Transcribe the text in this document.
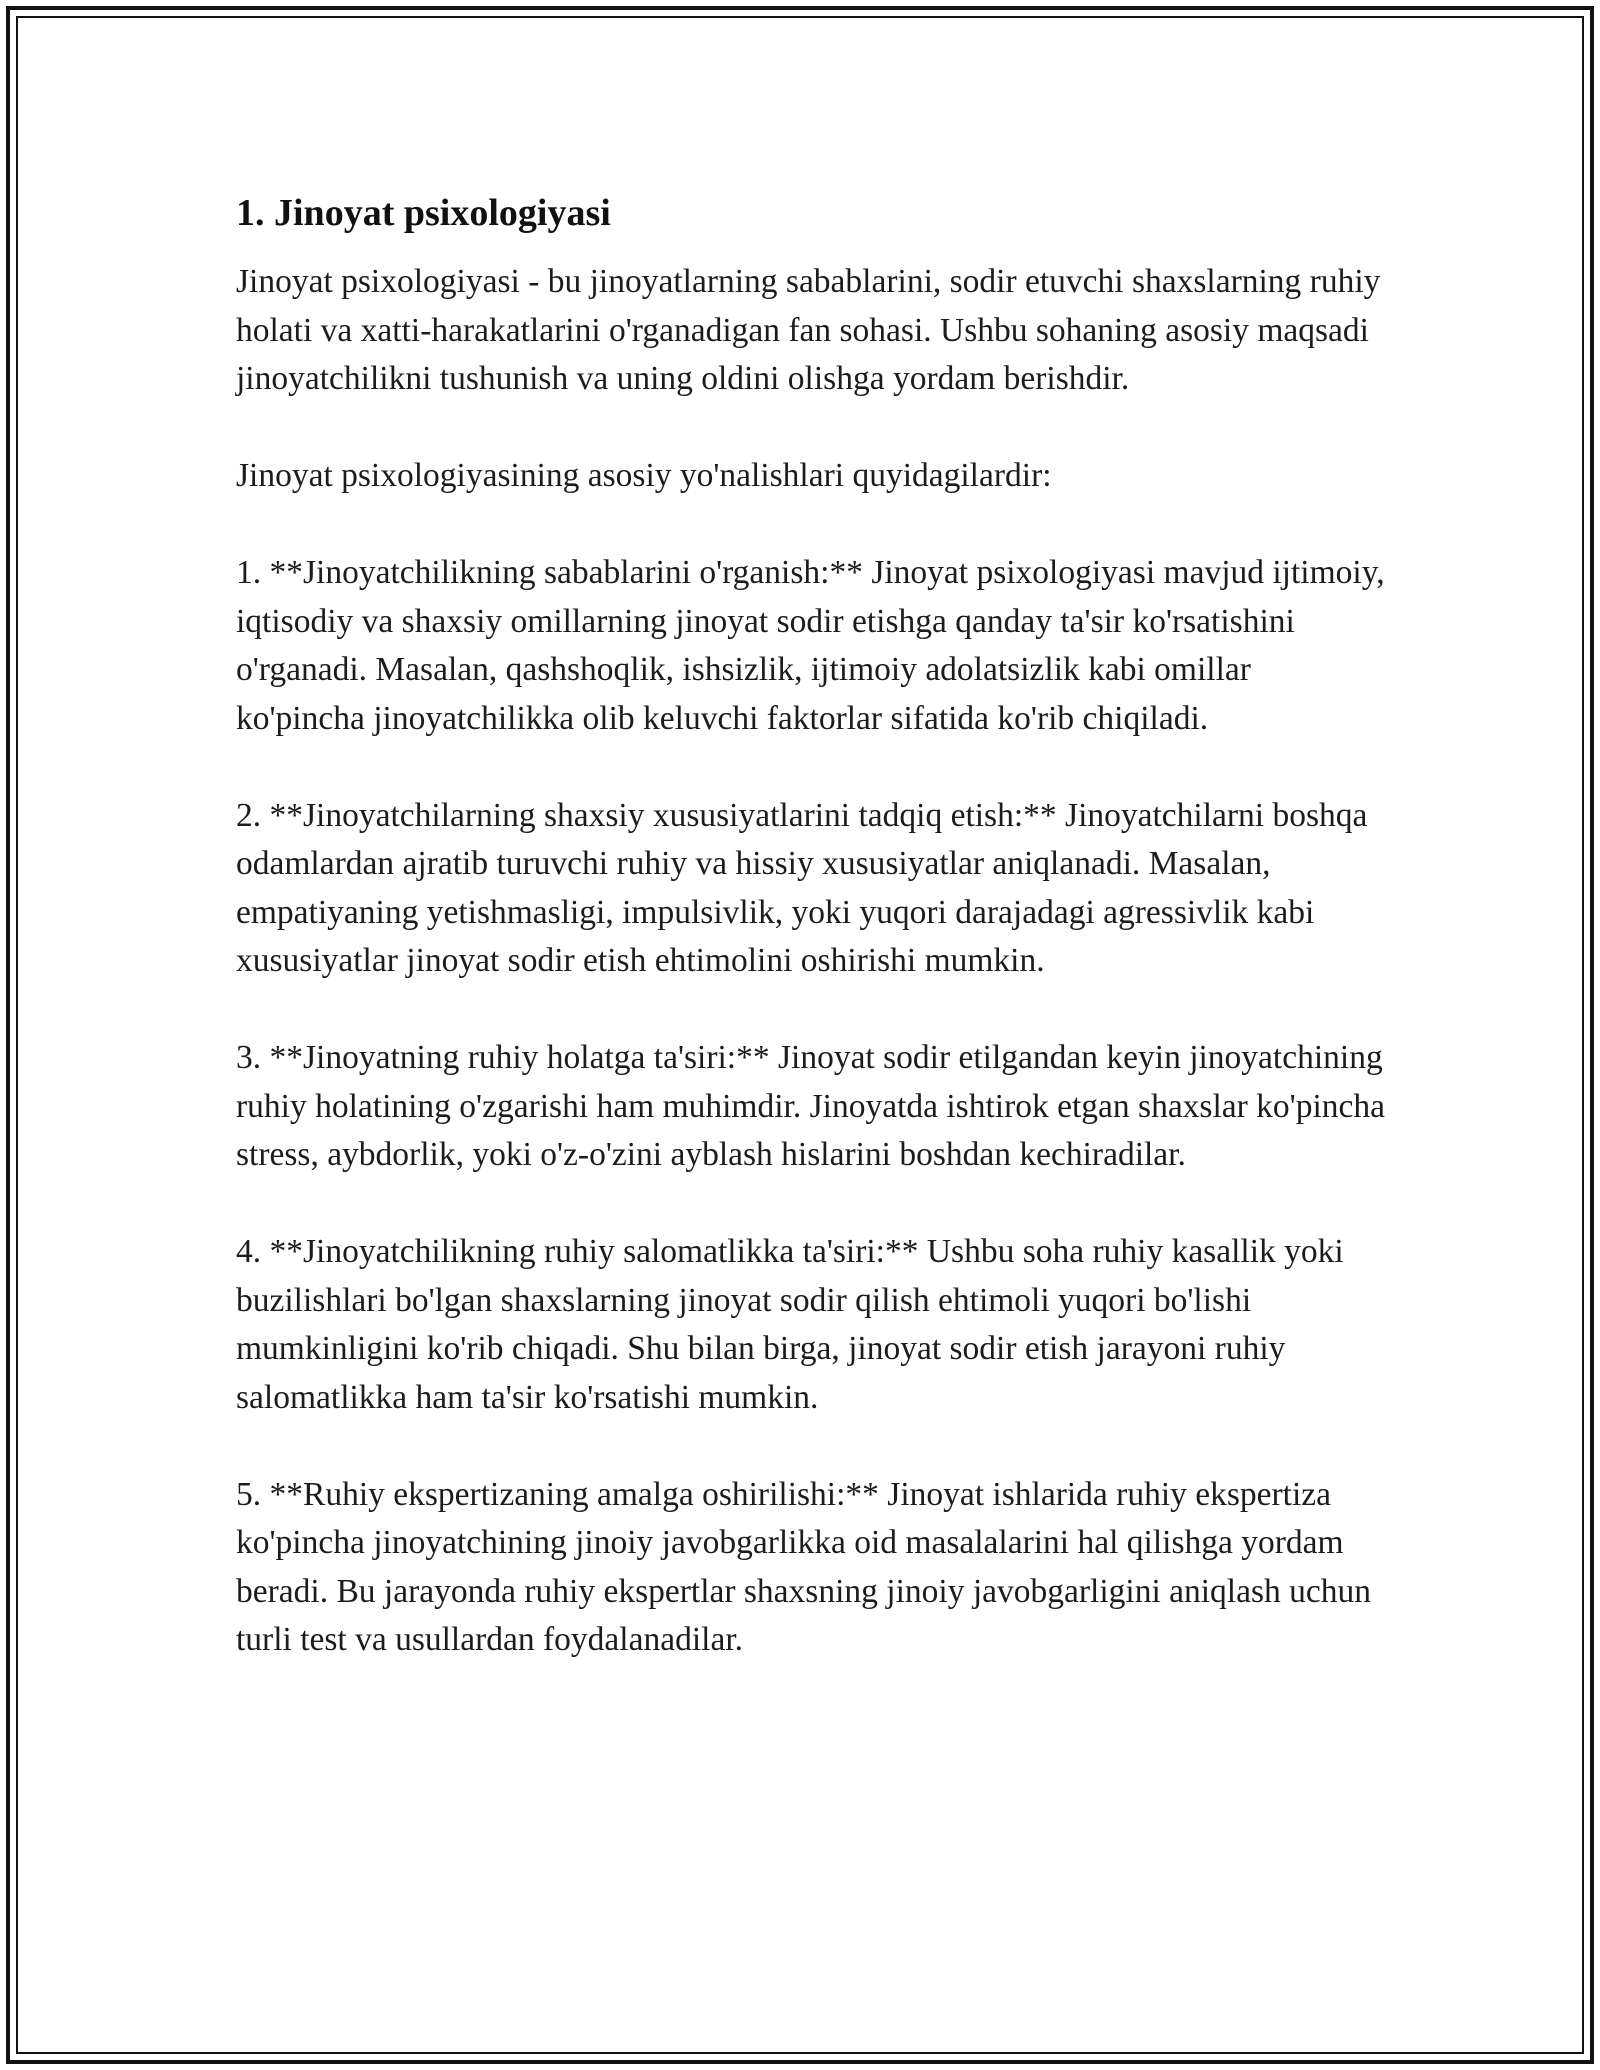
1. Jinoyat psixologiyasi

Jinoyat psixologiyasi - bu jinoyatlarning sabablarini, sodir etuvchi shaxslarning ruhiy holati va xatti-harakatlarini o'rganadigan fan sohasi. Ushbu sohaning asosiy maqsadi jinoyatchilikni tushunish va uning oldini olishga yordam berishdir.

Jinoyat psixologiyasining asosiy yo'nalishlari quyidagilardir:

1. **Jinoyatchilikning sabablarini o'rganish:** Jinoyat psixologiyasi mavjud ijtimoiy, iqtisodiy va shaxsiy omillarning jinoyat sodir etishga qanday ta'sir ko'rsatishini o'rganadi. Masalan, qashshoqlik, ishsizlik, ijtimoiy adolatsizlik kabi omillar ko'pincha jinoyatchilikka olib keluvchi faktorlar sifatida ko'rib chiqiladi.

2. **Jinoyatchilarning shaxsiy xususiyatlarini tadqiq etish:** Jinoyatchilarni boshqa odamlardan ajratib turuvchi ruhiy va hissiy xususiyatlar aniqlanadi. Masalan, empatiyaning yetishmasligi, impulsivlik, yoki yuqori darajadagi agressivlik kabi xususiyatlar jinoyat sodir etish ehtimolini oshirishi mumkin.

3. **Jinoyatning ruhiy holatga ta'siri:** Jinoyat sodir etilgandan keyin jinoyatchining ruhiy holatining o'zgarishi ham muhimdir. Jinoyatda ishtirok etgan shaxslar ko'pincha stress, aybdorlik, yoki o'z-o'zini ayblash hislarini boshdan kechiradilar.

4. **Jinoyatchilikning ruhiy salomatlikka ta'siri:** Ushbu soha ruhiy kasallik yoki buzilishlari bo'lgan shaxslarning jinoyat sodir qilish ehtimoli yuqori bo'lishi mumkinligini ko'rib chiqadi. Shu bilan birga, jinoyat sodir etish jarayoni ruhiy salomatlikka ham ta'sir ko'rsatishi mumkin.

5. **Ruhiy ekspertizaning amalga oshirilishi:** Jinoyat ishlarida ruhiy ekspertiza ko'pincha jinoyatchining jinoiy javobgarlikka oid masalalarini hal qilishga yordam beradi. Bu jarayonda ruhiy ekspertlar shaxsning jinoiy javobgarligini aniqlash uchun turli test va usullardan foydalanadilar.
